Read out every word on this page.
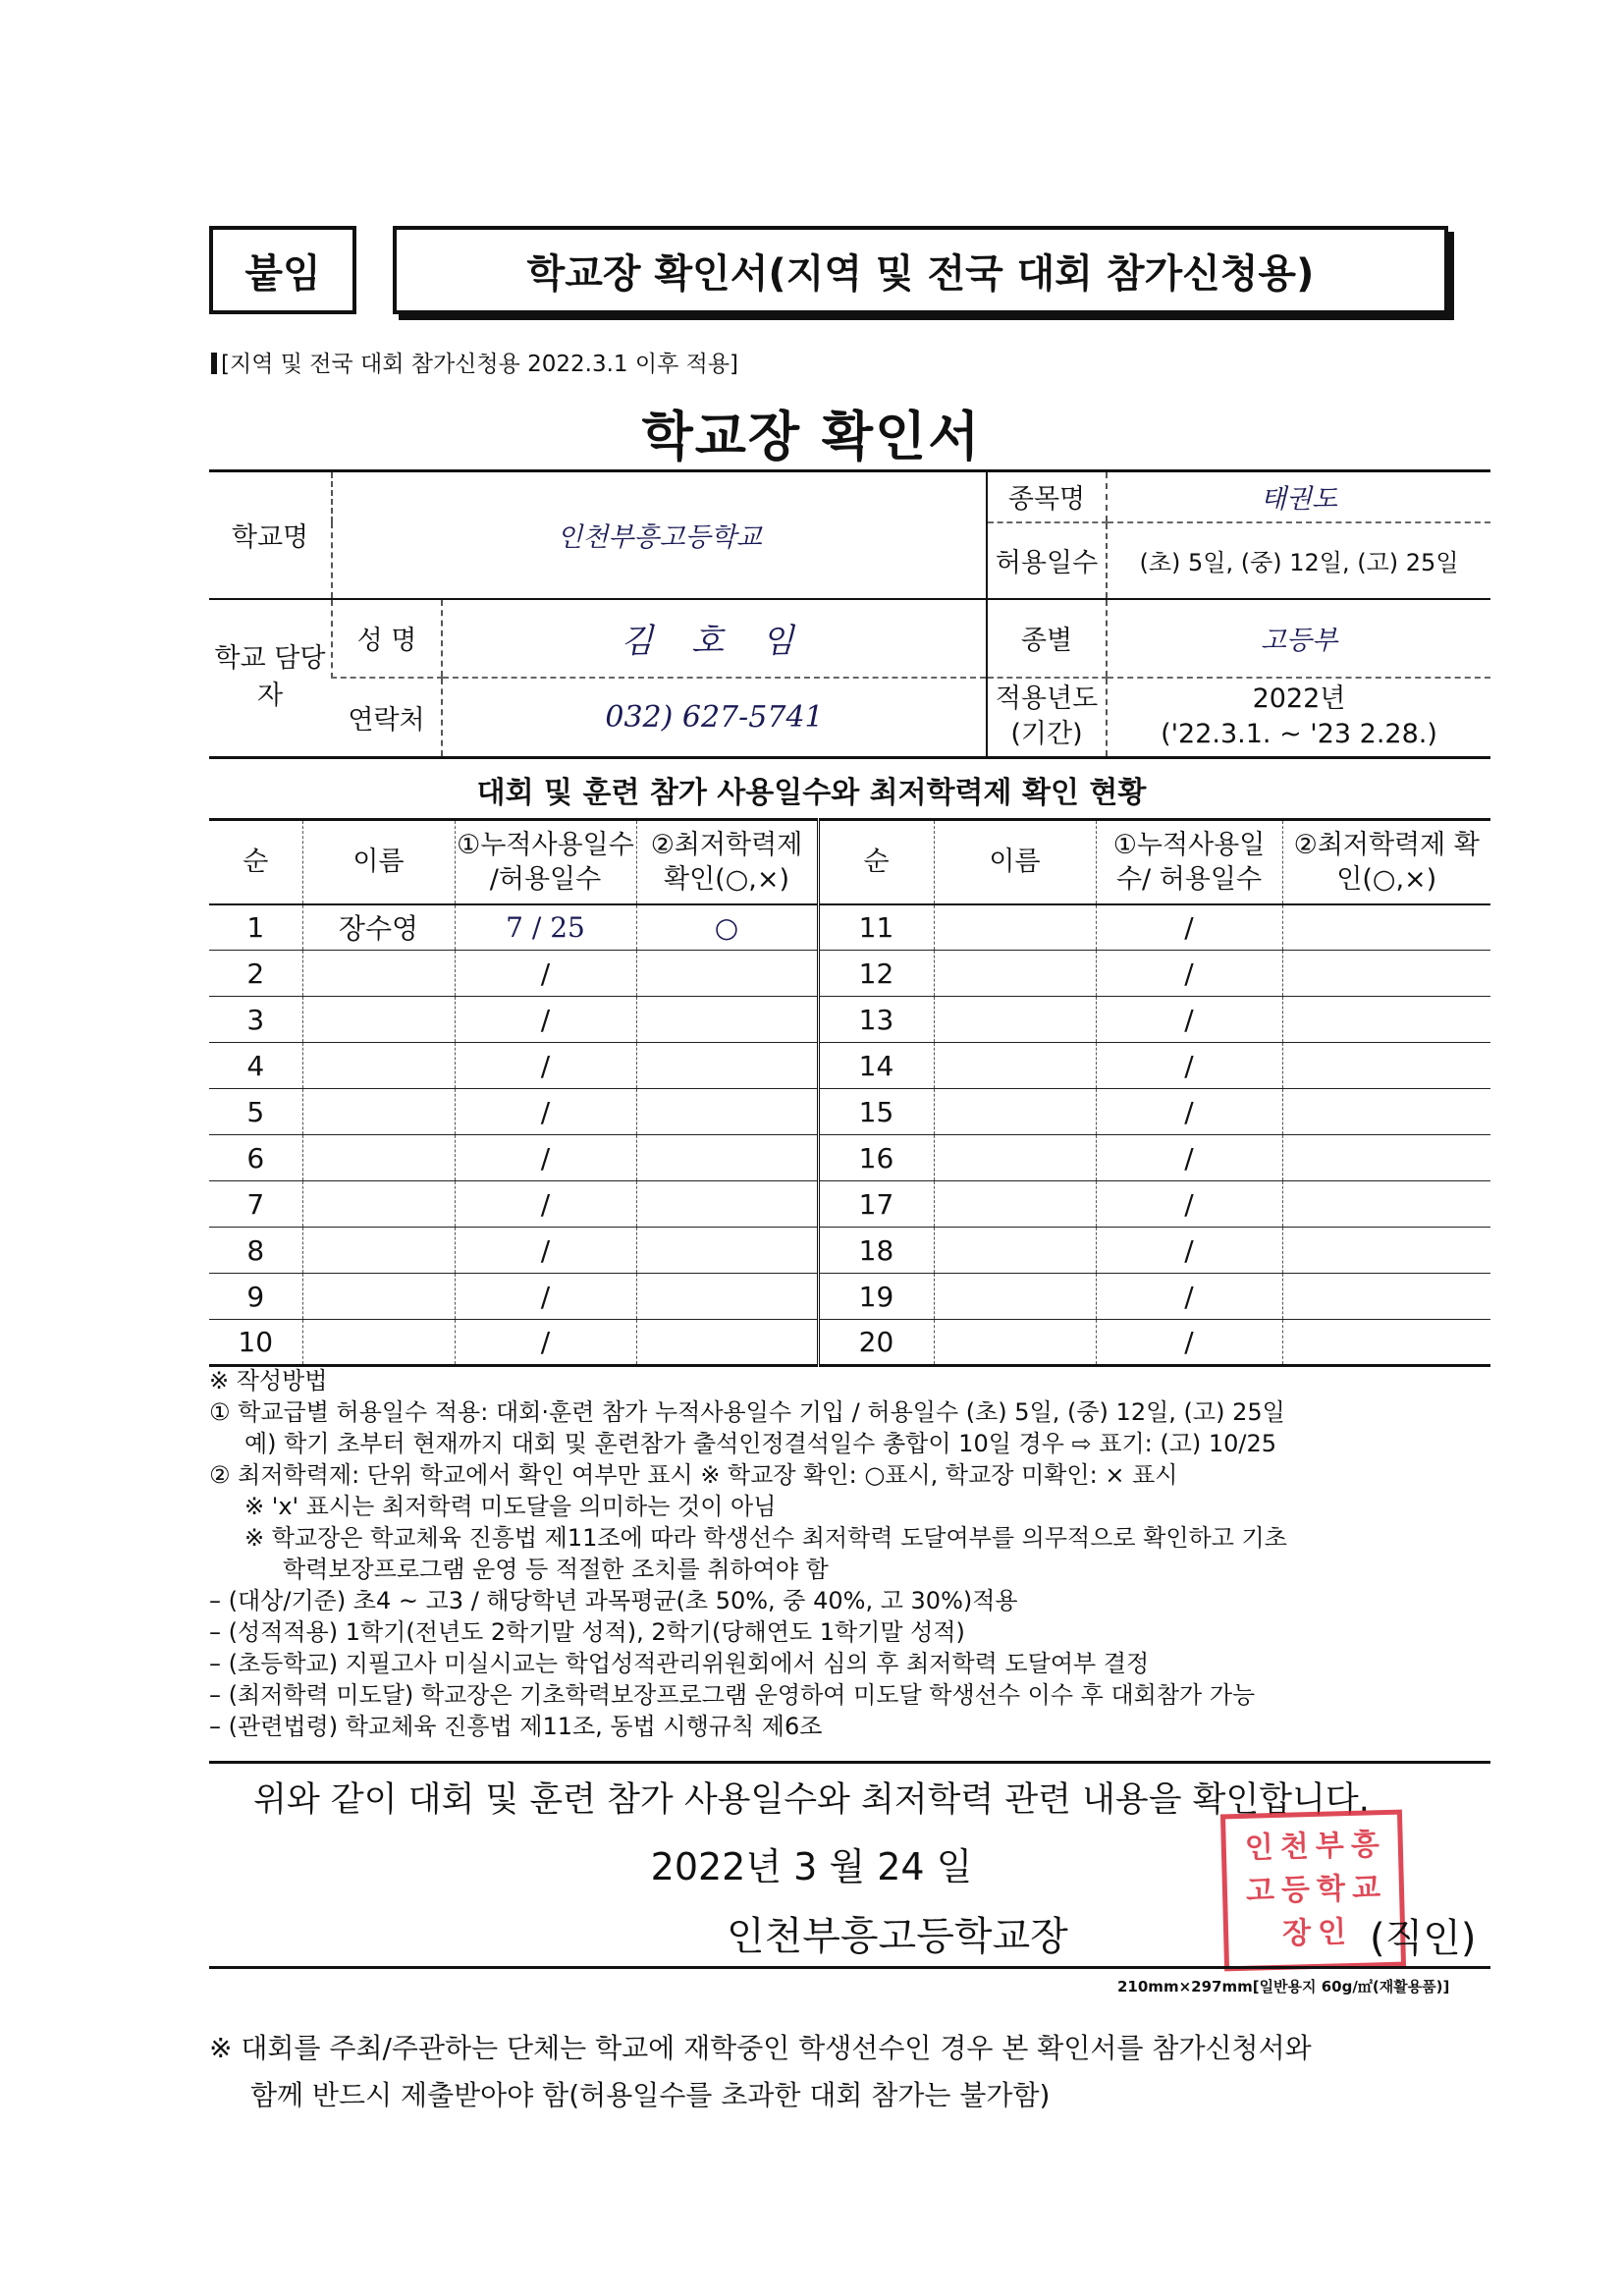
붙임	학교장 확인서(지역 및 전국 대회 참가신청용)
[지역 및 전국 대회 참가신청용 2022.3.1 이후 적용]
학교장 확인서
학교명	인천부흥고등학교		종목명	태권도
			허용일수	(초) 5일, (중) 12일, (고) 25일
학교 담당자	성 명	김 호 임	종별	고등부
	연락처	032) 627-5741	적용년도 (기간)	2022년
('22.3.1. ~ '23 2.28.)
대회 및 훈련 참가 사용일수와 최저학력제 확인 현황
순	이름	①누적사용일수 /허용일수	②최저학력제 확인(○,×)	순	이름	①누적사용일수/ 허용일수	②최저학력제 확인(○,×)
1	장수영	7 / 25	○	11		/	
2		/		12		/	
3		/		13		/	
4		/		14		/	
5		/		15		/	
6		/		16		/	
7		/		17		/	
8		/		18		/	
9		/		19		/	
10		/		20		/	
※ 작성방법
① 학교급별 허용일수 적용: 대회·훈련 참가 누적사용일수 기입 / 허용일수 (초) 5일, (중) 12일, (고) 25일
예) 학기 초부터 현재까지 대회 및 훈련참가 출석인정결석일수 총합이 10일 경우 ⇨ 표기: (고) 10/25
② 최저학력제: 단위 학교에서 확인 여부만 표시 ※ 학교장 확인: ○표시, 학교장 미확인: × 표시
※ 'x' 표시는 최저학력 미도달을 의미하는 것이 아님
※ 학교장은 학교체육 진흥법 제11조에 따라 학생선수 최저학력 도달여부를 의무적으로 확인하고 기초
학력보장프로그램 운영 등 적절한 조치를 취하여야 함
– (대상/기준) 초4 ~ 고3 / 해당학년 과목평균(초 50%, 중 40%, 고 30%)적용
– (성적적용) 1학기(전년도 2학기말 성적), 2학기(당해연도 1학기말 성적)
– (초등학교) 지필고사 미실시교는 학업성적관리위원회에서 심의 후 최저학력 도달여부 결정
– (최저학력 미도달) 학교장은 기초학력보장프로그램 운영하여 미도달 학생선수 이수 후 대회참가 가능
– (관련법령) 학교체육 진흥법 제11조, 동법 시행규칙 제6조
위와 같이 대회 및 훈련 참가 사용일수와 최저학력 관련 내용을 확인합니다.
2022년 3 월 24 일
인천부흥고등학교장
인 천 부 흥
고 등 학 교
장 인 (직인)
210mm×297mm[일반용지 60g/㎡(재활용품)]
※ 대회를 주최/주관하는 단체는 학교에 재학중인 학생선수인 경우 본 확인서를 참가신청서와
함께 반드시 제출받아야 함(허용일수를 초과한 대회 참가는 불가함)
